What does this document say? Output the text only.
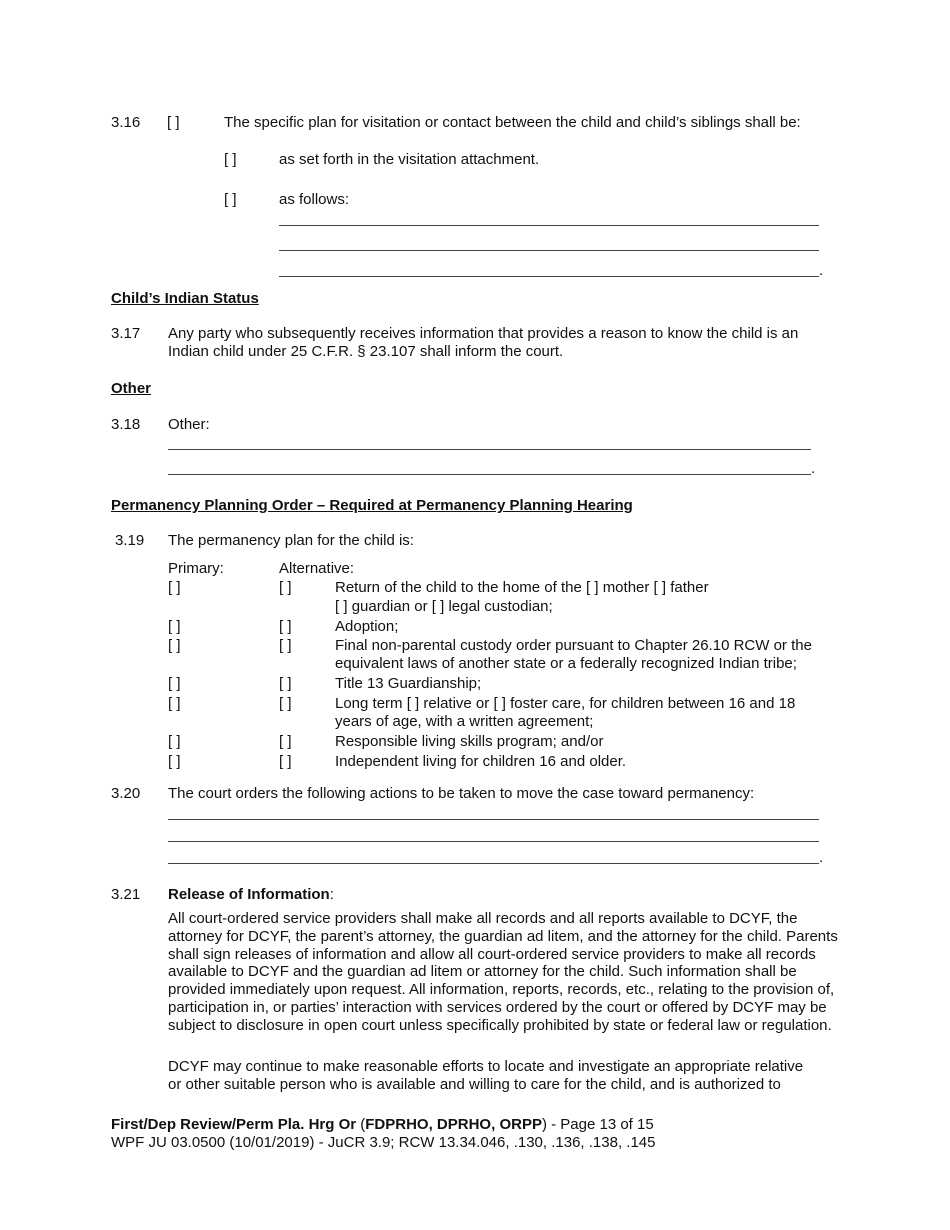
3.16 [ ]	The specific plan for visitation or contact between the child and child’s siblings shall be:
[ ]	as set forth in the visitation attachment.
[ ]	as follows:
.
Child’s Indian Status
3.17 Any party who subsequently receives information that provides a reason to know the child is an
Indian child under 25 C.F.R. § 23.107 shall inform the court.
Other
3.18 Other:
.
Permanency Planning Order – Required at Permanency Planning Hearing
3.19 The permanency plan for the child is:
Primary:	Alternative:
[ ]	[ ]	Return of the child to the home of the [ ] mother [ ] father
[ ] guardian or [ ] legal custodian;
[ ]	[ ]	Adoption;
[ ]	[ ]	Final non-parental custody order pursuant to Chapter 26.10 RCW or the
equivalent laws of another state or a federally recognized Indian tribe;
[ ]	[ ]	Title 13 Guardianship;
[ ]	[ ]	Long term [ ] relative or [ ] foster care, for children between 16 and 18
years of age, with a written agreement;
[ ]	[ ]	Responsible living skills program; and/or
[ ]	[ ]	Independent living for children 16 and older.
3.20 The court orders the following actions to be taken to move the case toward permanency:
.
3.21 Release of Information:
All court-ordered service providers shall make all records and all reports available to DCYF, the attorney for DCYF, the parent’s attorney, the guardian ad litem, and the attorney for the child. Parents shall sign releases of information and allow all court-ordered service providers to make all records available to DCYF and the guardian ad litem or attorney for the child. Such information shall be provided immediately upon request. All information, reports, records, etc., relating to the provision of, participation in, or parties’ interaction with services ordered by the court or offered by DCYF may be subject to disclosure in open court unless specifically prohibited by state or federal law or regulation.
DCYF may continue to make reasonable efforts to locate and investigate an appropriate relative
or other suitable person who is available and willing to care for the child, and is authorized to
First/Dep Review/Perm Pla. Hrg Or (FDPRHO, DPRHO, ORPP) - Page 13 of 15
WPF JU 03.0500 (10/01/2019) - JuCR 3.9; RCW 13.34.046, .130, .136, .138, .145
